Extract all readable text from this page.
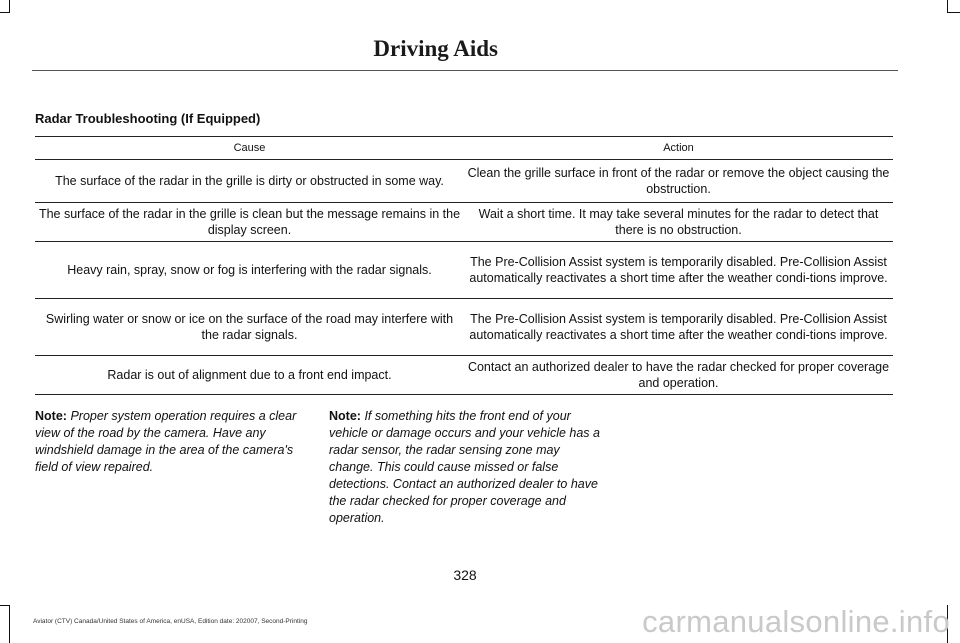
Driving Aids
Radar Troubleshooting (If Equipped)
Cause	Action
The surface of the radar in the grille is dirty or obstructed in some way.	Clean the grille surface in front of the radar or remove the object causing the obstruction.
The surface of the radar in the grille is clean but the message remains in the display screen.	Wait a short time. It may take several minutes for the radar to detect that there is no obstruction.
Heavy rain, spray, snow or fog is interfering with the radar signals.	The Pre-Collision Assist system is temporarily disabled. Pre-Collision Assist automatically reactivates a short time after the weather condi-tions improve.
Swirling water or snow or ice on the surface of the road may interfere with the radar signals.	The Pre-Collision Assist system is temporarily disabled. Pre-Collision Assist automatically reactivates a short time after the weather condi-tions improve.
Radar is out of alignment due to a front end impact.	Contact an authorized dealer to have the radar checked for proper coverage and operation.
Note: Proper system operation requires a clear view of the road by the camera. Have any windshield damage in the area of the camera's field of view repaired.
Note: If something hits the front end of your vehicle or damage occurs and your vehicle has a radar sensor, the radar sensing zone may change. This could cause missed or false detections. Contact an authorized dealer to have the radar checked for proper coverage and operation.
328
Aviator (CTV) Canada/United States of America, enUSA, Edition date: 202007, Second-Printing	carmanualsonline.info
